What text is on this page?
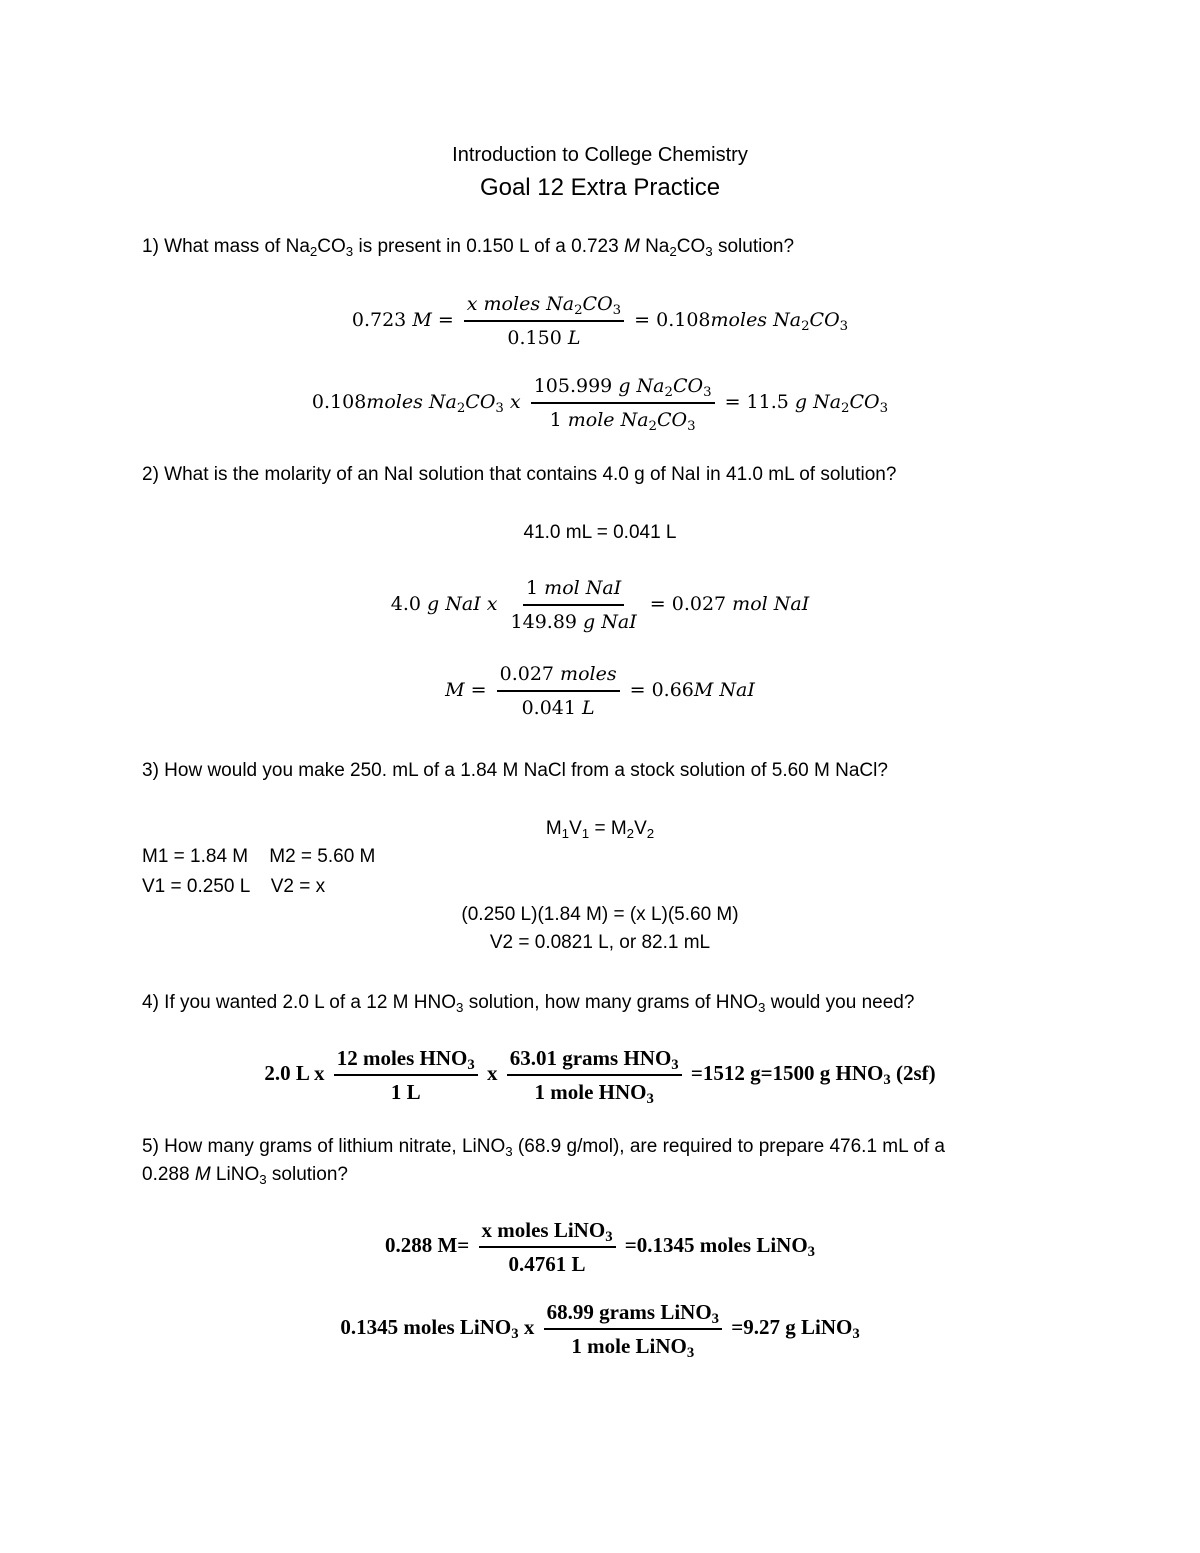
Introduction to College Chemistry
Goal 12 Extra Practice
1) What mass of $Na_2CO_3$ is present in 0.150 L of a 0.723 M $Na_2CO_3$ solution?
0.723 $M = \frac{x moles Na_2CO_3}{0.150 L}$ = 0.108moles $Na_2CO_3$
0.108moles $Na_2CO_3$ x $\frac{105.999 g Na_2CO_3}{1 mole Na_2CO_3} = 11.5$ g $Na_2CO_3$
2) What is the molarity of an NaI solution that contains 4.0 g of NaI in 41.0 mL of solution?
41.0 mL = 0.041 L
4.0 g NaI x $\frac{\text{1 mol NaI}}{\text{149.89 g NaI}} = 0.027$ mol NaI
$M = \frac{\text{0.027 moles}}{0.041 L} = 0.66M$ NaI
3) How would you make 250. mL of a 1.84 M NaCl from a stock solution of 5.60 M NaCl?
$M_1V_1 = M_2V_2$
M1 = 1.84 M    M2 = 5.60 M
V1 = 0.250 L    V2 = x
(0.250 L)(1.84 M) = (x L)(5.60 M)
V2 = 0.0821 L, or 82.1 mL
4) If you wanted 2.0 L of a 12 M $HNO_3$ solution, how many grams of $HNO_3$ would you need?
2.0 L x $\frac{12 moles HNO_3}{1 L}$ x $\frac{63.01 grams HNO_3}{1 mole HNO_3} =1512$ g=1500 g $HNO_3$ (2sf)
5) How many grams of lithium nitrate, LiNO$_3$ (68.9 g/mol), are required to prepare 476.1 mL of a
0.288 M LiNO$_3$ solution?
0.288 $M= \frac{x moles LiNO_3}{0.4761 L} =0.1345$ moles LiNO$_3$
0.1345 moles LiNO$_3$ x $\frac{68.99 grams LiNO_3}{1 mole LiNO_3} =9.27$ g LiNO$_3$
